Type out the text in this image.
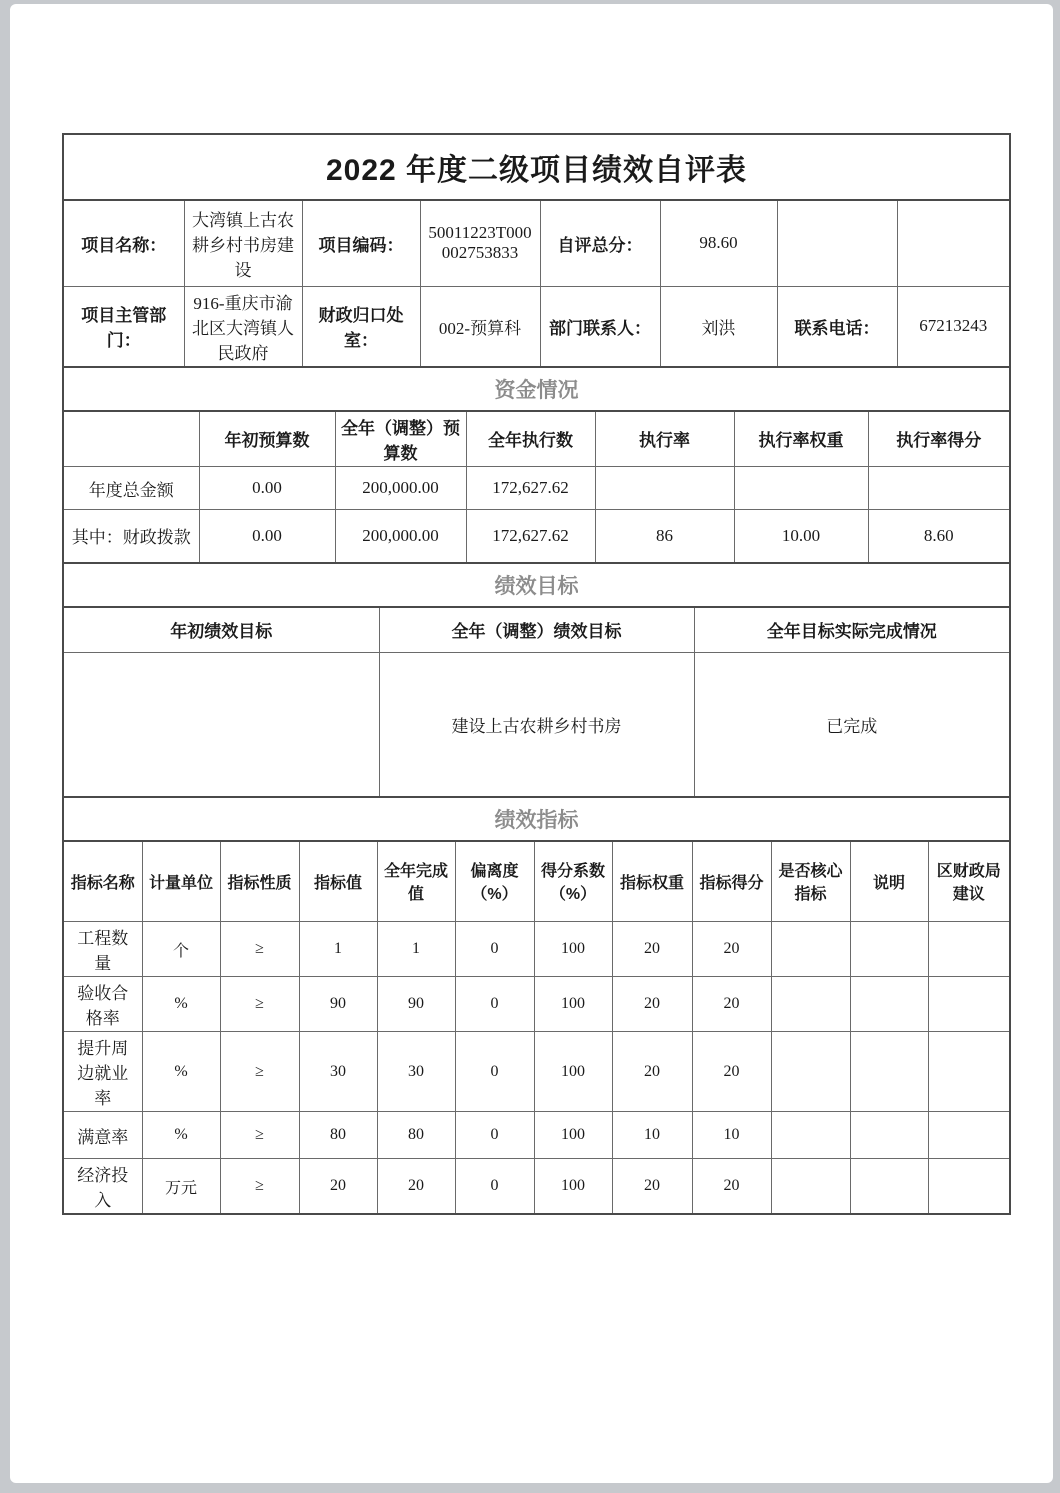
2022 年度二级项目绩效自评表
项目名称：	大湾镇上古农耕乡村书房建设	项目编码：	50011223T000002753833	自评总分：	98.60		
项目主管部门：	916-重庆市渝北区大湾镇人民政府	财政归口处室：	002-预算科	部门联系人：	刘洪	联系电话：	67213243
资金情况
	年初预算数	全年（调整）预算数	全年执行数	执行率	执行率权重	执行率得分
年度总金额	0.00	200,000.00	172,627.62			
其中：财政拨款	0.00	200,000.00	172,627.62	86	10.00	8.60
绩效目标
年初绩效目标	全年（调整）绩效目标	全年目标实际完成情况
	建设上古农耕乡村书房	已完成
绩效指标
指标名称	计量单位	指标性质	指标值	全年完成值	偏离度（%）	得分系数（%）	指标权重	指标得分	是否核心指标	说明	区财政局建议
工程数量	个	≥	1	1	0	100	20	20			
验收合格率	%	≥	90	90	0	100	20	20			
提升周边就业率	%	≥	30	30	0	100	20	20			
满意率	%	≥	80	80	0	100	10	10			
经济投入	万元	≥	20	20	0	100	20	20			
